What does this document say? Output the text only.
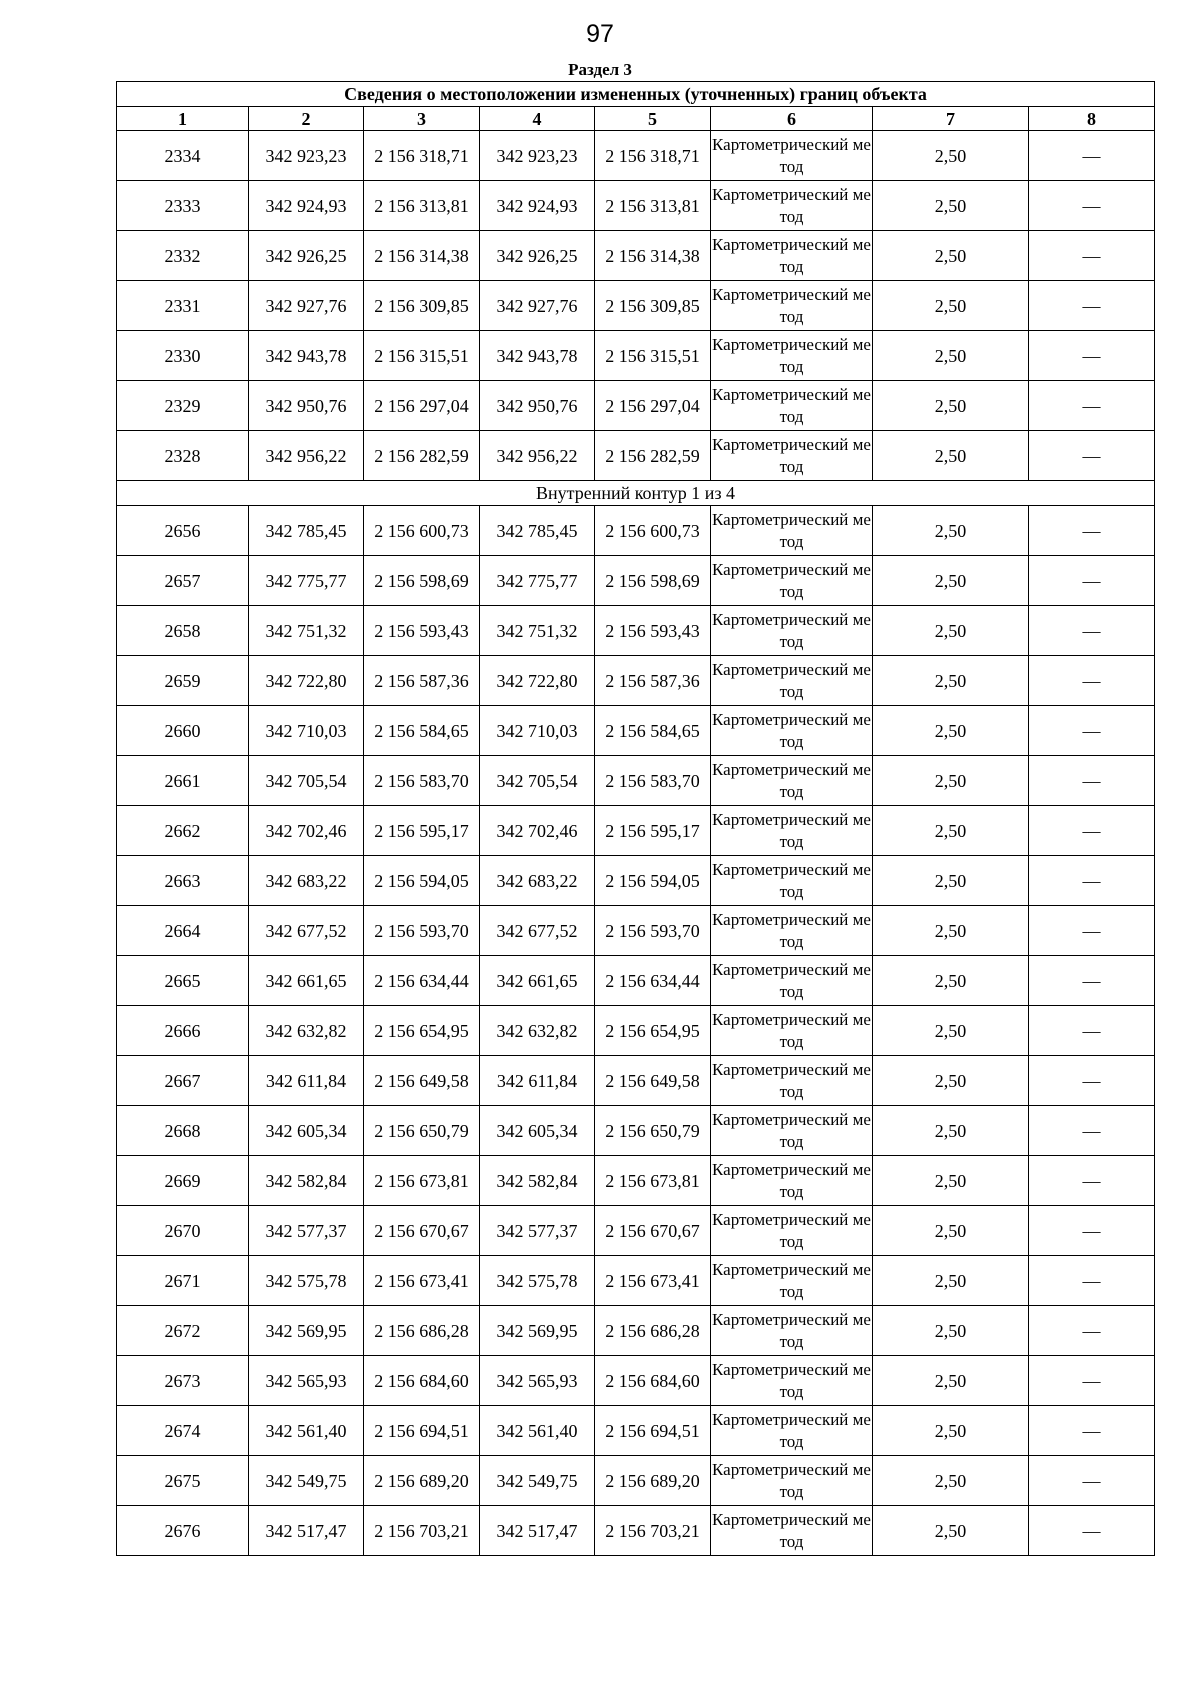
97
Раздел 3
Сведения о местоположении измененных (уточненных) границ объекта							
1	2	3	4	5	6	7	8
2334	342 923,23	2 156 318,71	342 923,23	2 156 318,71	Картометрический метод	2,50	—
2333	342 924,93	2 156 313,81	342 924,93	2 156 313,81	Картометрический метод	2,50	—
2332	342 926,25	2 156 314,38	342 926,25	2 156 314,38	Картометрический метод	2,50	—
2331	342 927,76	2 156 309,85	342 927,76	2 156 309,85	Картометрический метод	2,50	—
2330	342 943,78	2 156 315,51	342 943,78	2 156 315,51	Картометрический метод	2,50	—
2329	342 950,76	2 156 297,04	342 950,76	2 156 297,04	Картометрический метод	2,50	—
2328	342 956,22	2 156 282,59	342 956,22	2 156 282,59	Картометрический метод	2,50	—
Внутренний контур 1 из 4							
2656	342 785,45	2 156 600,73	342 785,45	2 156 600,73	Картометрический метод	2,50	—
2657	342 775,77	2 156 598,69	342 775,77	2 156 598,69	Картометрический метод	2,50	—
2658	342 751,32	2 156 593,43	342 751,32	2 156 593,43	Картометрический метод	2,50	—
2659	342 722,80	2 156 587,36	342 722,80	2 156 587,36	Картометрический метод	2,50	—
2660	342 710,03	2 156 584,65	342 710,03	2 156 584,65	Картометрический метод	2,50	—
2661	342 705,54	2 156 583,70	342 705,54	2 156 583,70	Картометрический метод	2,50	—
2662	342 702,46	2 156 595,17	342 702,46	2 156 595,17	Картометрический метод	2,50	—
2663	342 683,22	2 156 594,05	342 683,22	2 156 594,05	Картометрический метод	2,50	—
2664	342 677,52	2 156 593,70	342 677,52	2 156 593,70	Картометрический метод	2,50	—
2665	342 661,65	2 156 634,44	342 661,65	2 156 634,44	Картометрический метод	2,50	—
2666	342 632,82	2 156 654,95	342 632,82	2 156 654,95	Картометрический метод	2,50	—
2667	342 611,84	2 156 649,58	342 611,84	2 156 649,58	Картометрический метод	2,50	—
2668	342 605,34	2 156 650,79	342 605,34	2 156 650,79	Картометрический метод	2,50	—
2669	342 582,84	2 156 673,81	342 582,84	2 156 673,81	Картометрический метод	2,50	—
2670	342 577,37	2 156 670,67	342 577,37	2 156 670,67	Картометрический метод	2,50	—
2671	342 575,78	2 156 673,41	342 575,78	2 156 673,41	Картометрический метод	2,50	—
2672	342 569,95	2 156 686,28	342 569,95	2 156 686,28	Картометрический метод	2,50	—
2673	342 565,93	2 156 684,60	342 565,93	2 156 684,60	Картометрический метод	2,50	—
2674	342 561,40	2 156 694,51	342 561,40	2 156 694,51	Картометрический метод	2,50	—
2675	342 549,75	2 156 689,20	342 549,75	2 156 689,20	Картометрический метод	2,50	—
2676	342 517,47	2 156 703,21	342 517,47	2 156 703,21	Картометрический метод	2,50	—
